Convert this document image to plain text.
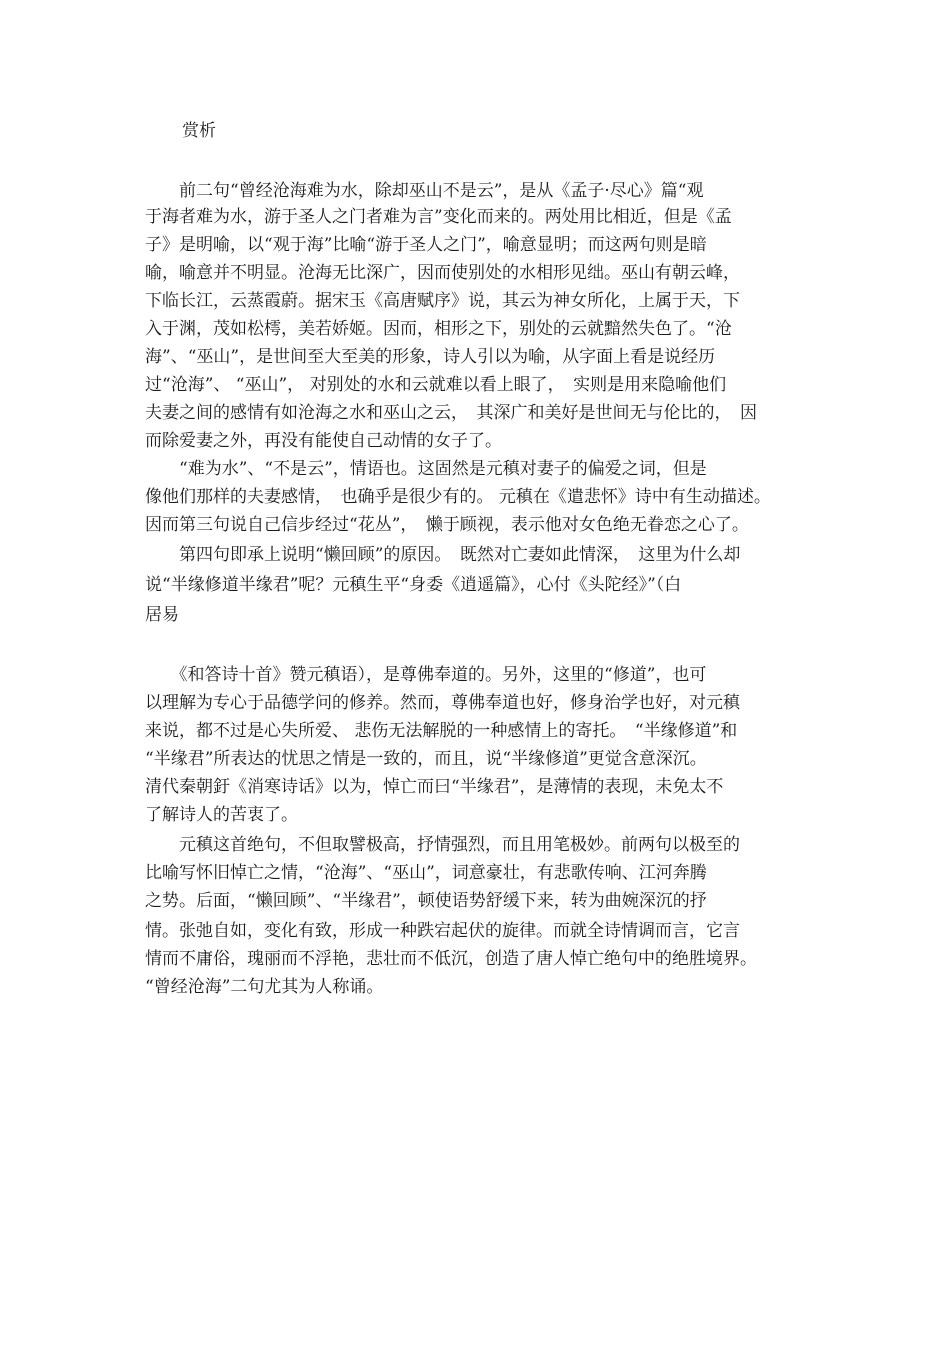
赏析
　　前二句“曾经沧海难为水，除却巫山不是云”，是从《孟子·尽心》篇“观
于海者难为水，游于圣人之门者难为言”变化而来的。两处用比相近，但是《孟
子》是明喻，以“观于海”比喻“游于圣人之门”，喻意显明；而这两句则是暗
喻，喻意并不明显。沧海无比深广，因而使别处的水相形见绌。巫山有朝云峰，
下临长江，云蒸霞蔚。据宋玉《高唐赋序》说，其云为神女所化，上属于天，下
入于渊，茂如松樗，美若娇姬。因而，相形之下，别处的云就黯然失色了。“沧
海”、“巫山”，是世间至大至美的形象，诗人引以为喻，从字面上看是说经历
过“沧海”、 “巫山”， 对别处的水和云就难以看上眼了，　实则是用来隐喻他们
夫妻之间的感情有如沧海之水和巫山之云，　其深广和美好是世间无与伦比的，　因
而除爱妻之外，再没有能使自己动情的女子了。
　　“难为水”、“不是云”，情语也。这固然是元稹对妻子的偏爱之词，但是
像他们那样的夫妻感情，　也确乎是很少有的。 元稹在《遣悲怀》诗中有生动描述。
因而第三句说自己信步经过“花丛”，　懒于顾视，表示他对女色绝无眷恋之心了。
　　第四句即承上说明“懒回顾”的原因。　既然对亡妻如此情深，　这里为什么却
说“半缘修道半缘君”呢？元稹生平“身委《逍遥篇》，心付《头陀经》”（白
居易
　　《和答诗十首》赞元稹语），是尊佛奉道的。另外，这里的“修道”，也可
以理解为专心于品德学问的修养。然而，尊佛奉道也好，修身治学也好，对元稹
来说，都不过是心失所爱、 悲伤无法解脱的一种感情上的寄托。　“半缘修道”和
“半缘君”所表达的忧思之情是一致的，而且，说“半缘修道”更觉含意深沉。
清代秦朝釪《消寒诗话》以为，悼亡而曰“半缘君”，是薄情的表现，未免太不
了解诗人的苦衷了。
　　元稹这首绝句，不但取譬极高，抒情强烈，而且用笔极妙。前两句以极至的
比喻写怀旧悼亡之情，“沧海”、“巫山”，词意豪壮，有悲歌传响、江河奔腾
之势。后面，“懒回顾”、“半缘君”，顿使语势舒缓下来，转为曲婉深沉的抒
情。张弛自如，变化有致，形成一种跌宕起伏的旋律。而就全诗情调而言，它言
情而不庸俗，瑰丽而不浮艳，悲壮而不低沉，创造了唐人悼亡绝句中的绝胜境界。
“曾经沧海”二句尤其为人称诵。
